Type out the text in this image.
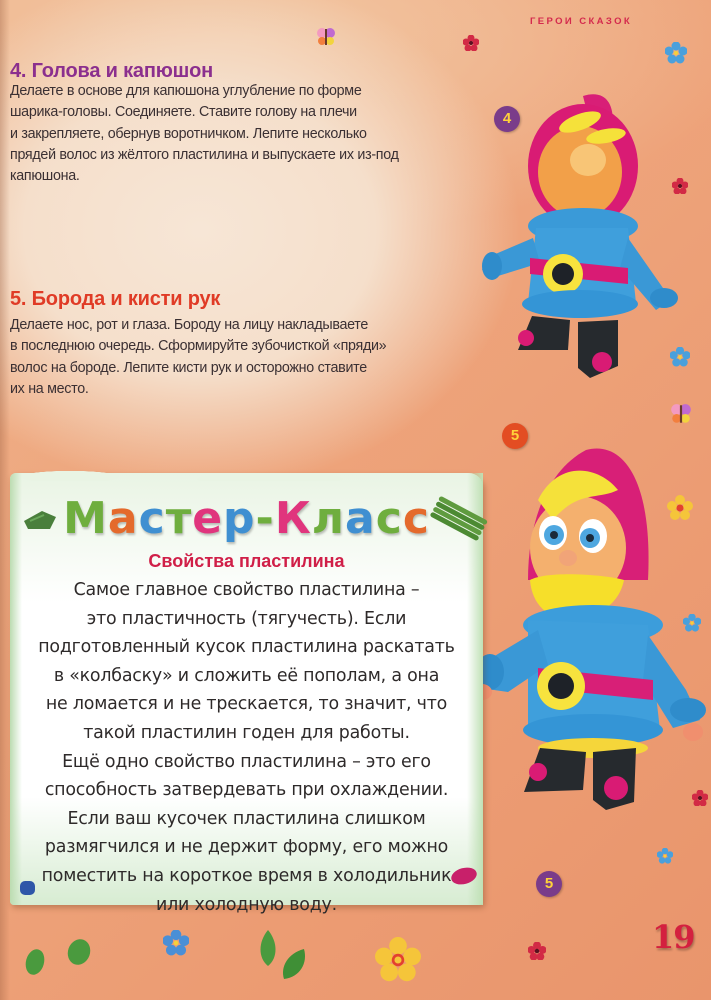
ГЕРОИ СКАЗОК
4. Голова и капюшон
Делаете в основе для капюшона углубление по форме
шарика-головы. Соединяете. Ставите голову на плечи
и закрепляете, обернув воротничком. Лепите несколько
прядей волос из жёлтого пластилина и выпускаете их из-под
капюшона.
5. Борода и кисти рук
Делаете нос, рот и глаза. Бороду на лицу накладываете
в последнюю очередь. Сформируйте зубочисткой «пряди»
волос на бороде. Лепите кисти рук и осторожно ставите
их на место.
4
5
5
Мастер-Класс
Свойства пластилина
Самое главное свойство пластилина –
это пластичность (тягучесть). Если
подготовленный кусок пластилина раскатать
в «колбаску» и сложить её пополам, а она
не ломается и не трескается, то значит, что
такой пластилин годен для работы.
Ещё одно свойство пластилина – это его
способность затвердевать при охлаждении.
Если ваш кусочек пластилина слишком
размягчился и не держит форму, его можно
поместить на короткое время в холодильник
или холодную воду.
19
